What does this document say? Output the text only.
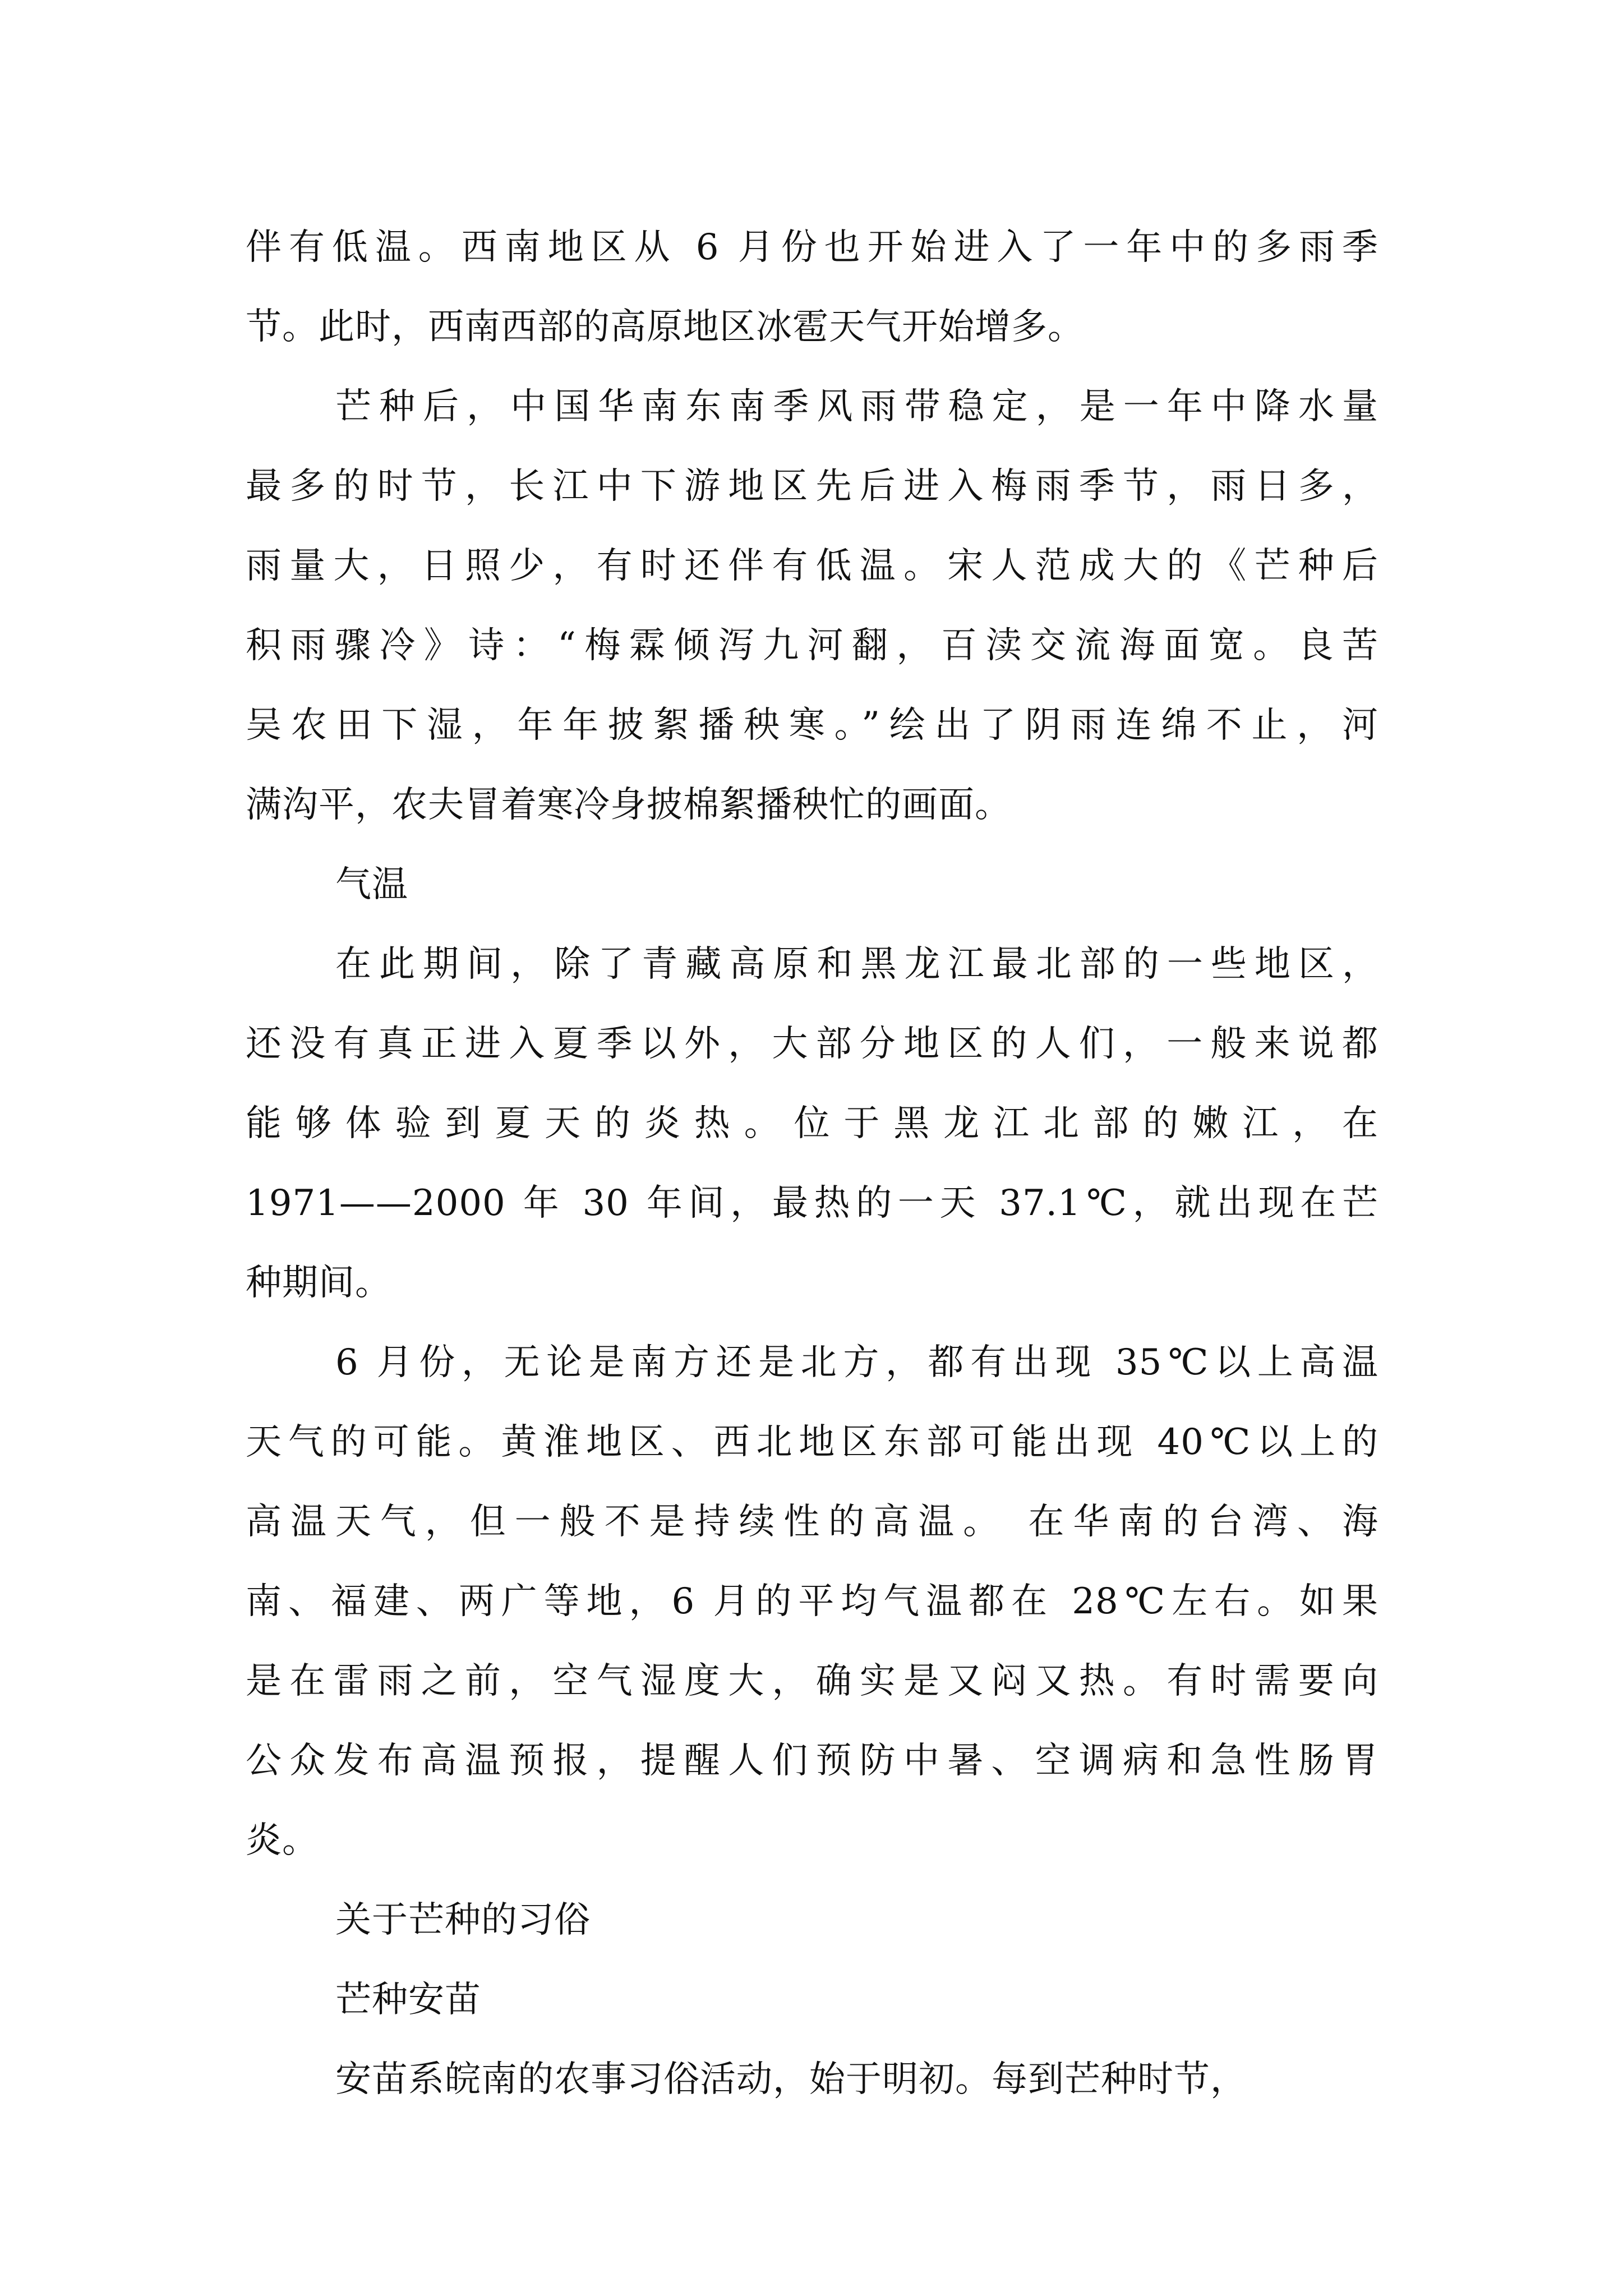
伴有低温。西南地区从 6 月份也开始进入了一年中的多雨季
节。此时，西南西部的高原地区冰雹天气开始增多。
芒种后，中国华南东南季风雨带稳定，是一年中降水量
最多的时节，长江中下游地区先后进入梅雨季节，雨日多，
雨量大，日照少，有时还伴有低温。宋人范成大的《芒种后
积雨骤冷》诗：“梅霖倾泻九河翻，百渎交流海面宽。良苦
吴农田下湿，年年披絮播秧寒。”绘出了阴雨连绵不止，河
满沟平，农夫冒着寒冷身披棉絮播秧忙的画面。
气温
在此期间，除了青藏高原和黑龙江最北部的一些地区，
还没有真正进入夏季以外，大部分地区的人们，一般来说都
能够体验到夏天的炎热。位于黑龙江北部的嫩江，在
1971——2000 年 30 年间，最热的一天 37.1℃，就出现在芒
种期间。
6 月份，无论是南方还是北方，都有出现 35℃以上高温
天气的可能。黄淮地区、西北地区东部可能出现 40℃以上的
高温天气，但一般不是持续性的高温。 在华南的台湾、海
南、福建、两广等地，6 月的平均气温都在 28℃左右。如果
是在雷雨之前，空气湿度大，确实是又闷又热。有时需要向
公众发布高温预报，提醒人们预防中暑、空调病和急性肠胃
炎。
关于芒种的习俗
芒种安苗
安苗系皖南的农事习俗活动，始于明初。每到芒种时节，
